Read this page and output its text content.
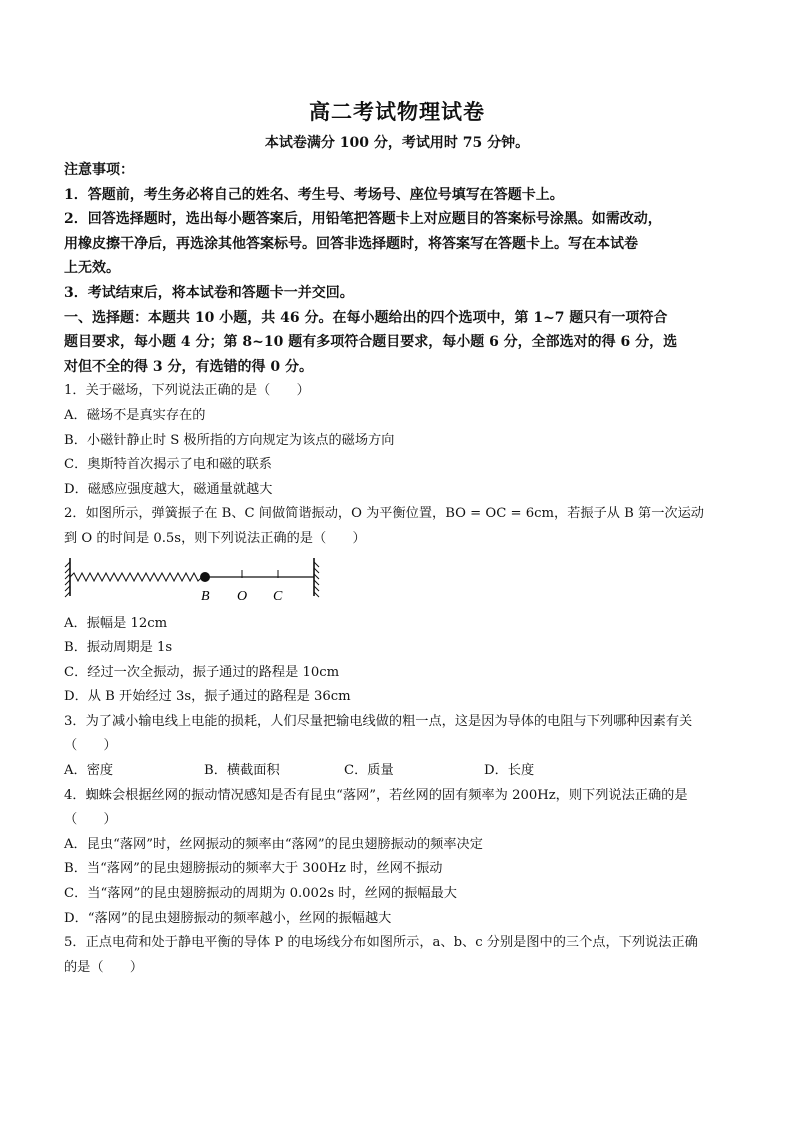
高二考试物理试卷
本试卷满分 100 分，考试用时 75 分钟。
注意事项：
1．答题前，考生务必将自己的姓名、考生号、考场号、座位号填写在答题卡上。
2．回答选择题时，选出每小题答案后，用铅笔把答题卡上对应题目的答案标号涂黑。如需改动，
用橡皮擦干净后，再选涂其他答案标号。回答非选择题时，将答案写在答题卡上。写在本试卷
上无效。
3．考试结束后，将本试卷和答题卡一并交回。
一、选择题：本题共 10 小题，共 46 分。在每小题给出的四个选项中，第 1~7 题只有一项符合
题目要求，每小题 4 分；第 8~10 题有多项符合题目要求，每小题 6 分，全部选对的得 6 分，选
对但不全的得 3 分，有选错的得 0 分。
1．关于磁场，下列说法正确的是（　　）
A．磁场不是真实存在的
B．小磁针静止时 S 极所指的方向规定为该点的磁场方向
C．奥斯特首次揭示了电和磁的联系
D．磁感应强度越大，磁通量就越大
2．如图所示，弹簧振子在 B、C 间做简谐振动，O 为平衡位置，BO = OC = 6cm，若振子从 B 第一次运动
到 O 的时间是 0.5s，则下列说法正确的是（　　）
B O C
A．振幅是 12cm
B．振动周期是 1s
C．经过一次全振动，振子通过的路程是 10cm
D．从 B 开始经过 3s，振子通过的路程是 36cm
3．为了减小输电线上电能的损耗，人们尽量把输电线做的粗一点，这是因为导体的电阻与下列哪种因素有关
（　　）
A．密度	B．横截面积	C．质量	D．长度
4．蜘蛛会根据丝网的振动情况感知是否有昆虫“落网”，若丝网的固有频率为 200Hz，则下列说法正确的是
（　　）
A．昆虫“落网”时，丝网振动的频率由“落网”的昆虫翅膀振动的频率决定
B．当“落网”的昆虫翅膀振动的频率大于 300Hz 时，丝网不振动
C．当“落网”的昆虫翅膀振动的周期为 0.002s 时，丝网的振幅最大
D．“落网”的昆虫翅膀振动的频率越小，丝网的振幅越大
5．正点电荷和处于静电平衡的导体 P 的电场线分布如图所示，a、b、c 分别是图中的三个点，下列说法正确
的是（　　）
